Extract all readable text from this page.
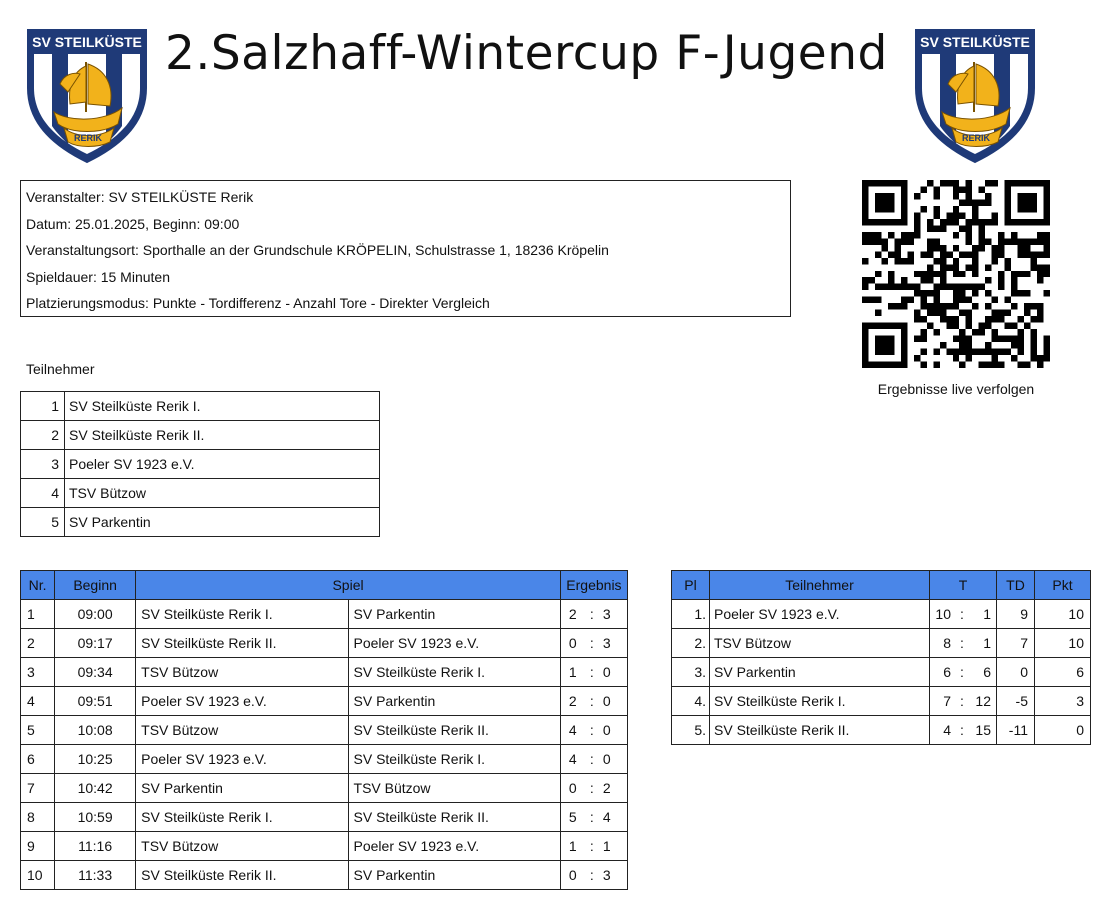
SV STEILKÜSTE
RERIK
2.Salzhaff-Wintercup F-Jugend SV STEILKÜSTE
RERIK
Veranstalter: SV STEILKÜSTE Rerik
Datum: 25.01.2025, Beginn: 09:00
Veranstaltungsort: Sporthalle an der Grundschule KRÖPELIN, Schulstrasse 1, 18236 Kröpelin
Spieldauer: 15 Minuten
Platzierungsmodus: Punkte - Tordifferenz - Anzahl Tore - Direkter Vergleich
Ergebnisse live verfolgen
Teilnehmer
1	SV Steilküste Rerik I.
2	SV Steilküste Rerik II.
3	Poeler SV 1923 e.V.
4	TSV Bützow
5	SV Parkentin
Nr.	Beginn	Spiel		Ergebnis
1	09:00	SV Steilküste Rerik I.	SV Parkentin	2 : 3
2	09:17	SV Steilküste Rerik II.	Poeler SV 1923 e.V.	0 : 3
3	09:34	TSV Bützow	SV Steilküste Rerik I.	1 : 0
4	09:51	Poeler SV 1923 e.V.	SV Parkentin	2 : 0
5	10:08	TSV Bützow	SV Steilküste Rerik II.	4 : 0
6	10:25	Poeler SV 1923 e.V.	SV Steilküste Rerik I.	4 : 0
7	10:42	SV Parkentin	TSV Bützow	0 : 2
8	10:59	SV Steilküste Rerik I.	SV Steilküste Rerik II.	5 : 4
9	11:16	TSV Bützow	Poeler SV 1923 e.V.	1 : 1
10	11:33	SV Steilküste Rerik II.	SV Parkentin	0 : 3
Pl	Teilnehmer	T	TD	Pkt
1.	Poeler SV 1923 e.V.	10 : 1	9	10
2.	TSV Bützow	8 : 1	7	10
3.	SV Parkentin	6 : 6	0	6
4.	SV Steilküste Rerik I.	7 : 12	-5	3
5.	SV Steilküste Rerik II.	4 : 15	-11	0
